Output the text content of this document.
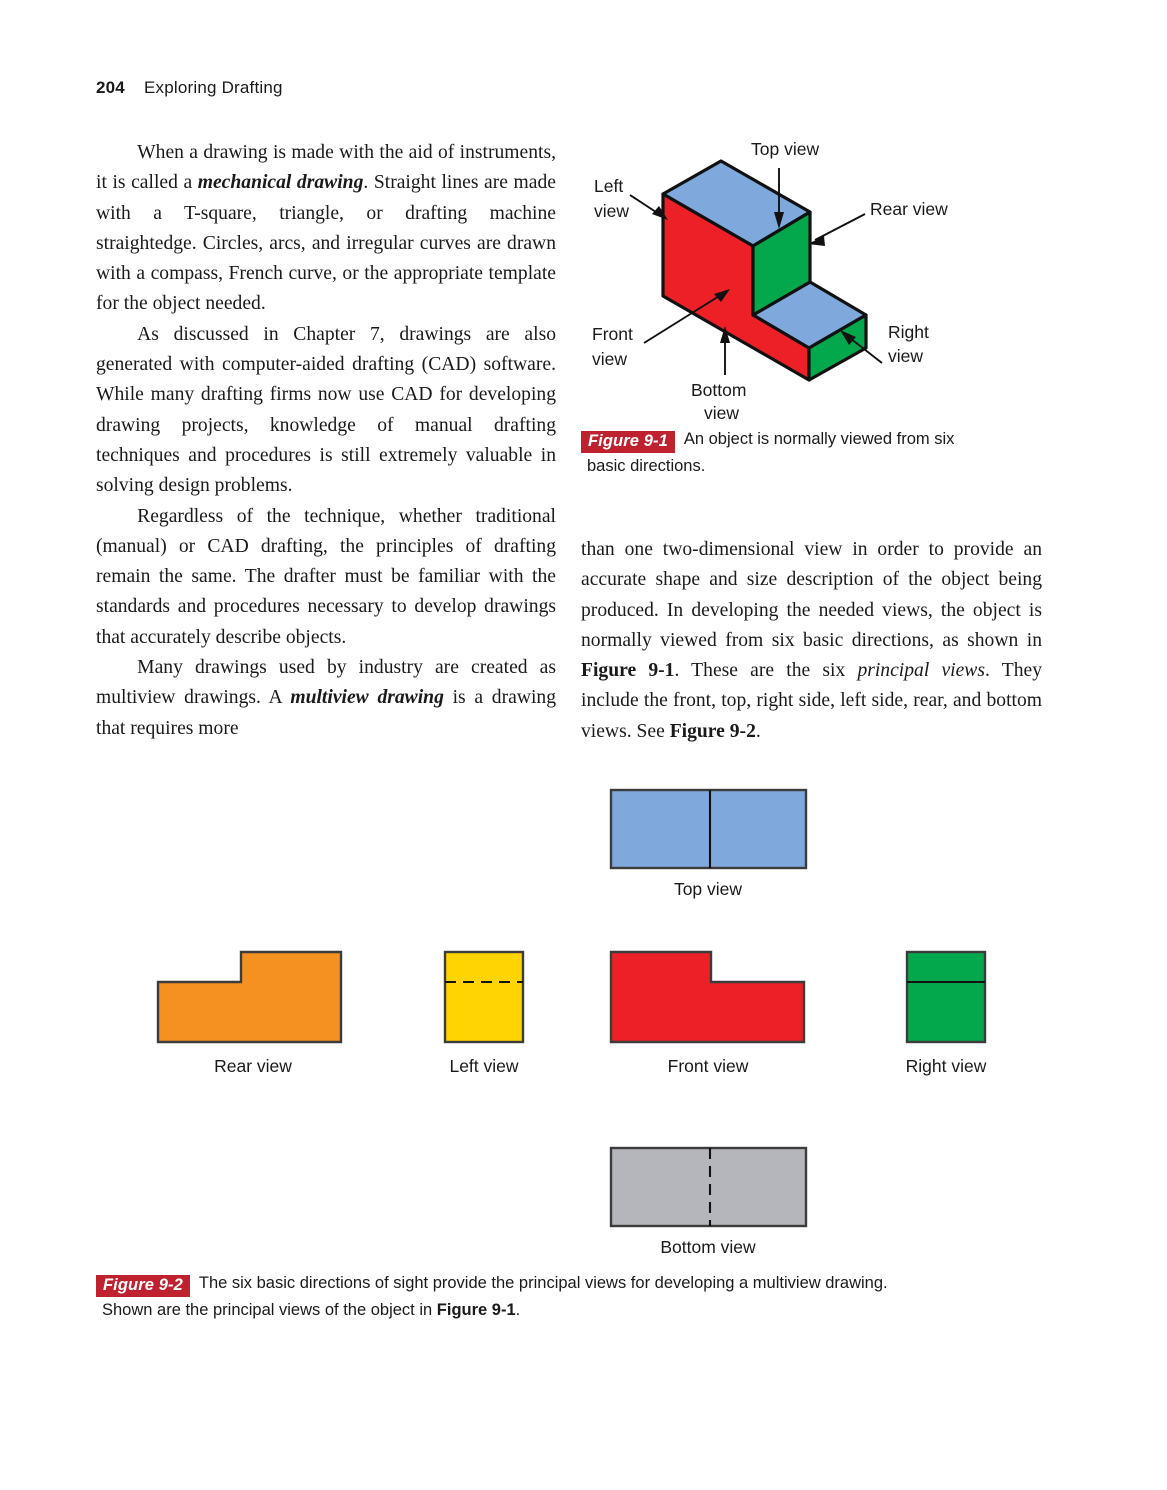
204 Exploring Drafting

When a drawing is made with the aid of instruments, it is called a mechanical drawing. Straight lines are made with a T-square, triangle, or drafting machine straightedge. Circles, arcs, and irregular curves are drawn with a compass, French curve, or the appropriate template for the object needed.

As discussed in Chapter 7, drawings are also generated with computer-aided drafting (CAD) software. While many drafting firms now use CAD for developing drawing projects, knowledge of manual drafting techniques and procedures is still extremely valuable in solving design problems.

Regardless of the technique, whether traditional (manual) or CAD drafting, the principles of drafting remain the same. The drafter must be familiar with the standards and procedures necessary to develop drawings that accurately describe objects.

Many drawings used by industry are created as multiview drawings. A multiview drawing is a drawing that requires more

than one two-dimensional view in order to provide an accurate shape and size description of the object being produced. In developing the needed views, the object is normally viewed from six basic directions, as shown in Figure 9-1. These are the six principal views. They include the front, top, right side, left side, rear, and bottom views. See Figure 9-2.

Top view
Left
view	Rear view
Front
view
Bottom
view
Right
view
Figure 9-1 An object is normally viewed from six
basic directions.
Top view
Rear view	Left view	Front view	Right view
Bottom view
Figure 9-2 The six basic directions of sight provide the principal views for developing a multiview drawing.
Shown are the principal views of the object in Figure 9-1.
